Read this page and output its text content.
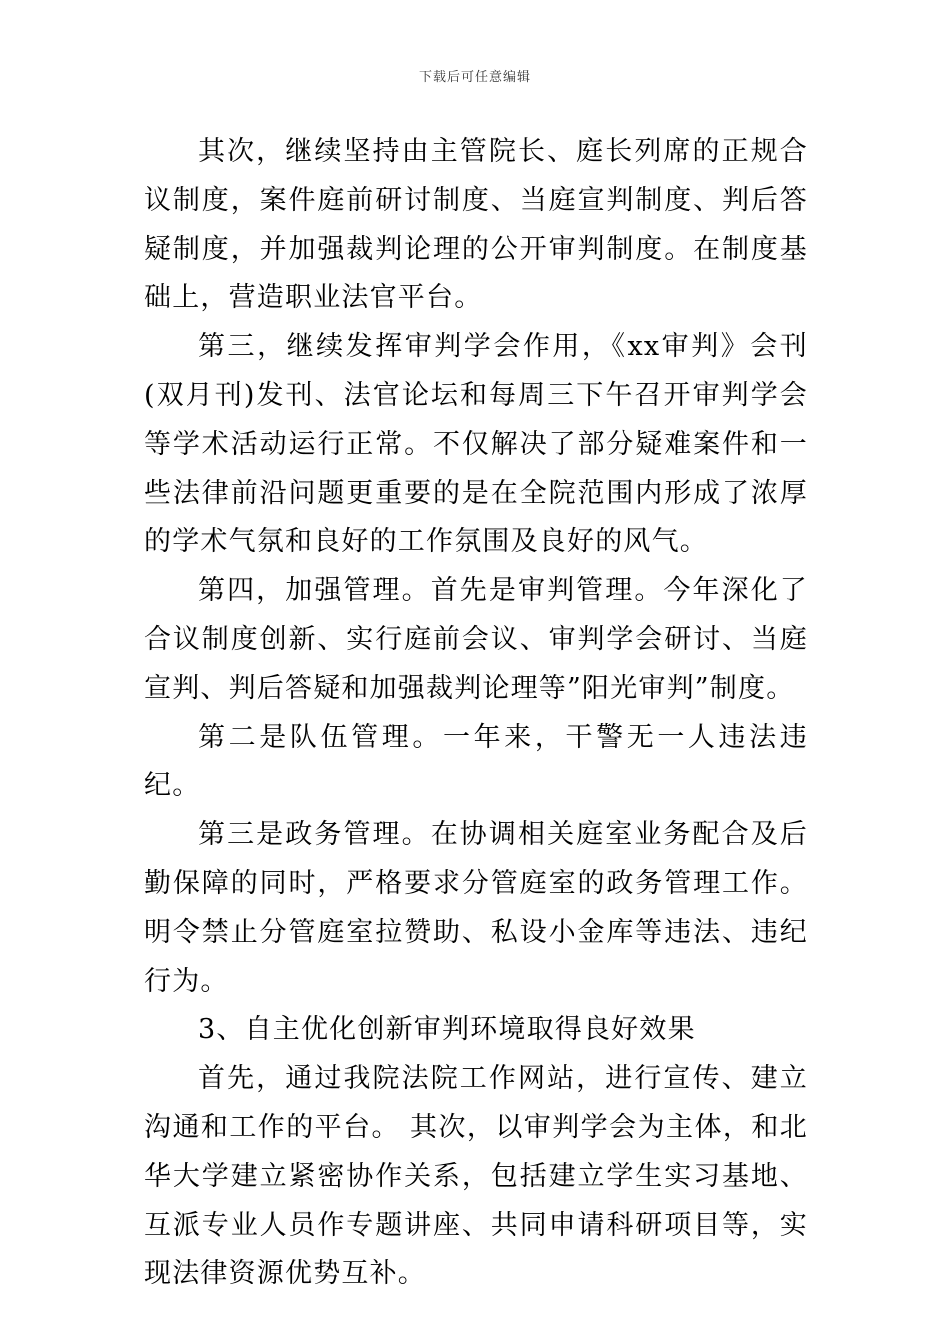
下载后可任意编辑

其次，继续坚持由主管院长、庭长列席的正规合议制度，案件庭前研讨制度、当庭宣判制度、判后答疑制度，并加强裁判论理的公开审判制度。在制度基础上，营造职业法官平台。

第三，继续发挥审判学会作用，《xx审判》会刊(双月刊)发刊、法官论坛和每周三下午召开审判学会等学术活动运行正常。不仅解决了部分疑难案件和一些法律前沿问题更重要的是在全院范围内形成了浓厚的学术气氛和良好的工作氛围及良好的风气。

第四，加强管理。首先是审判管理。今年深化了合议制度创新、实行庭前会议、审判学会研讨、当庭宣判、判后答疑和加强裁判论理等”阳光审判”制度。

第二是队伍管理。一年来，干警无一人违法违纪。

第三是政务管理。在协调相关庭室业务配合及后勤保障的同时，严格要求分管庭室的政务管理工作。明令禁止分管庭室拉赞助、私设小金库等违法、违纪行为。

3、自主优化创新审判环境取得良好效果

首先，通过我院法院工作网站，进行宣传、建立沟通和工作的平台。 其次，以审判学会为主体，和北华大学建立紧密协作关系，包括建立学生实习基地、互派专业人员作专题讲座、共同申请科研项目等，实现法律资源优势互补。
